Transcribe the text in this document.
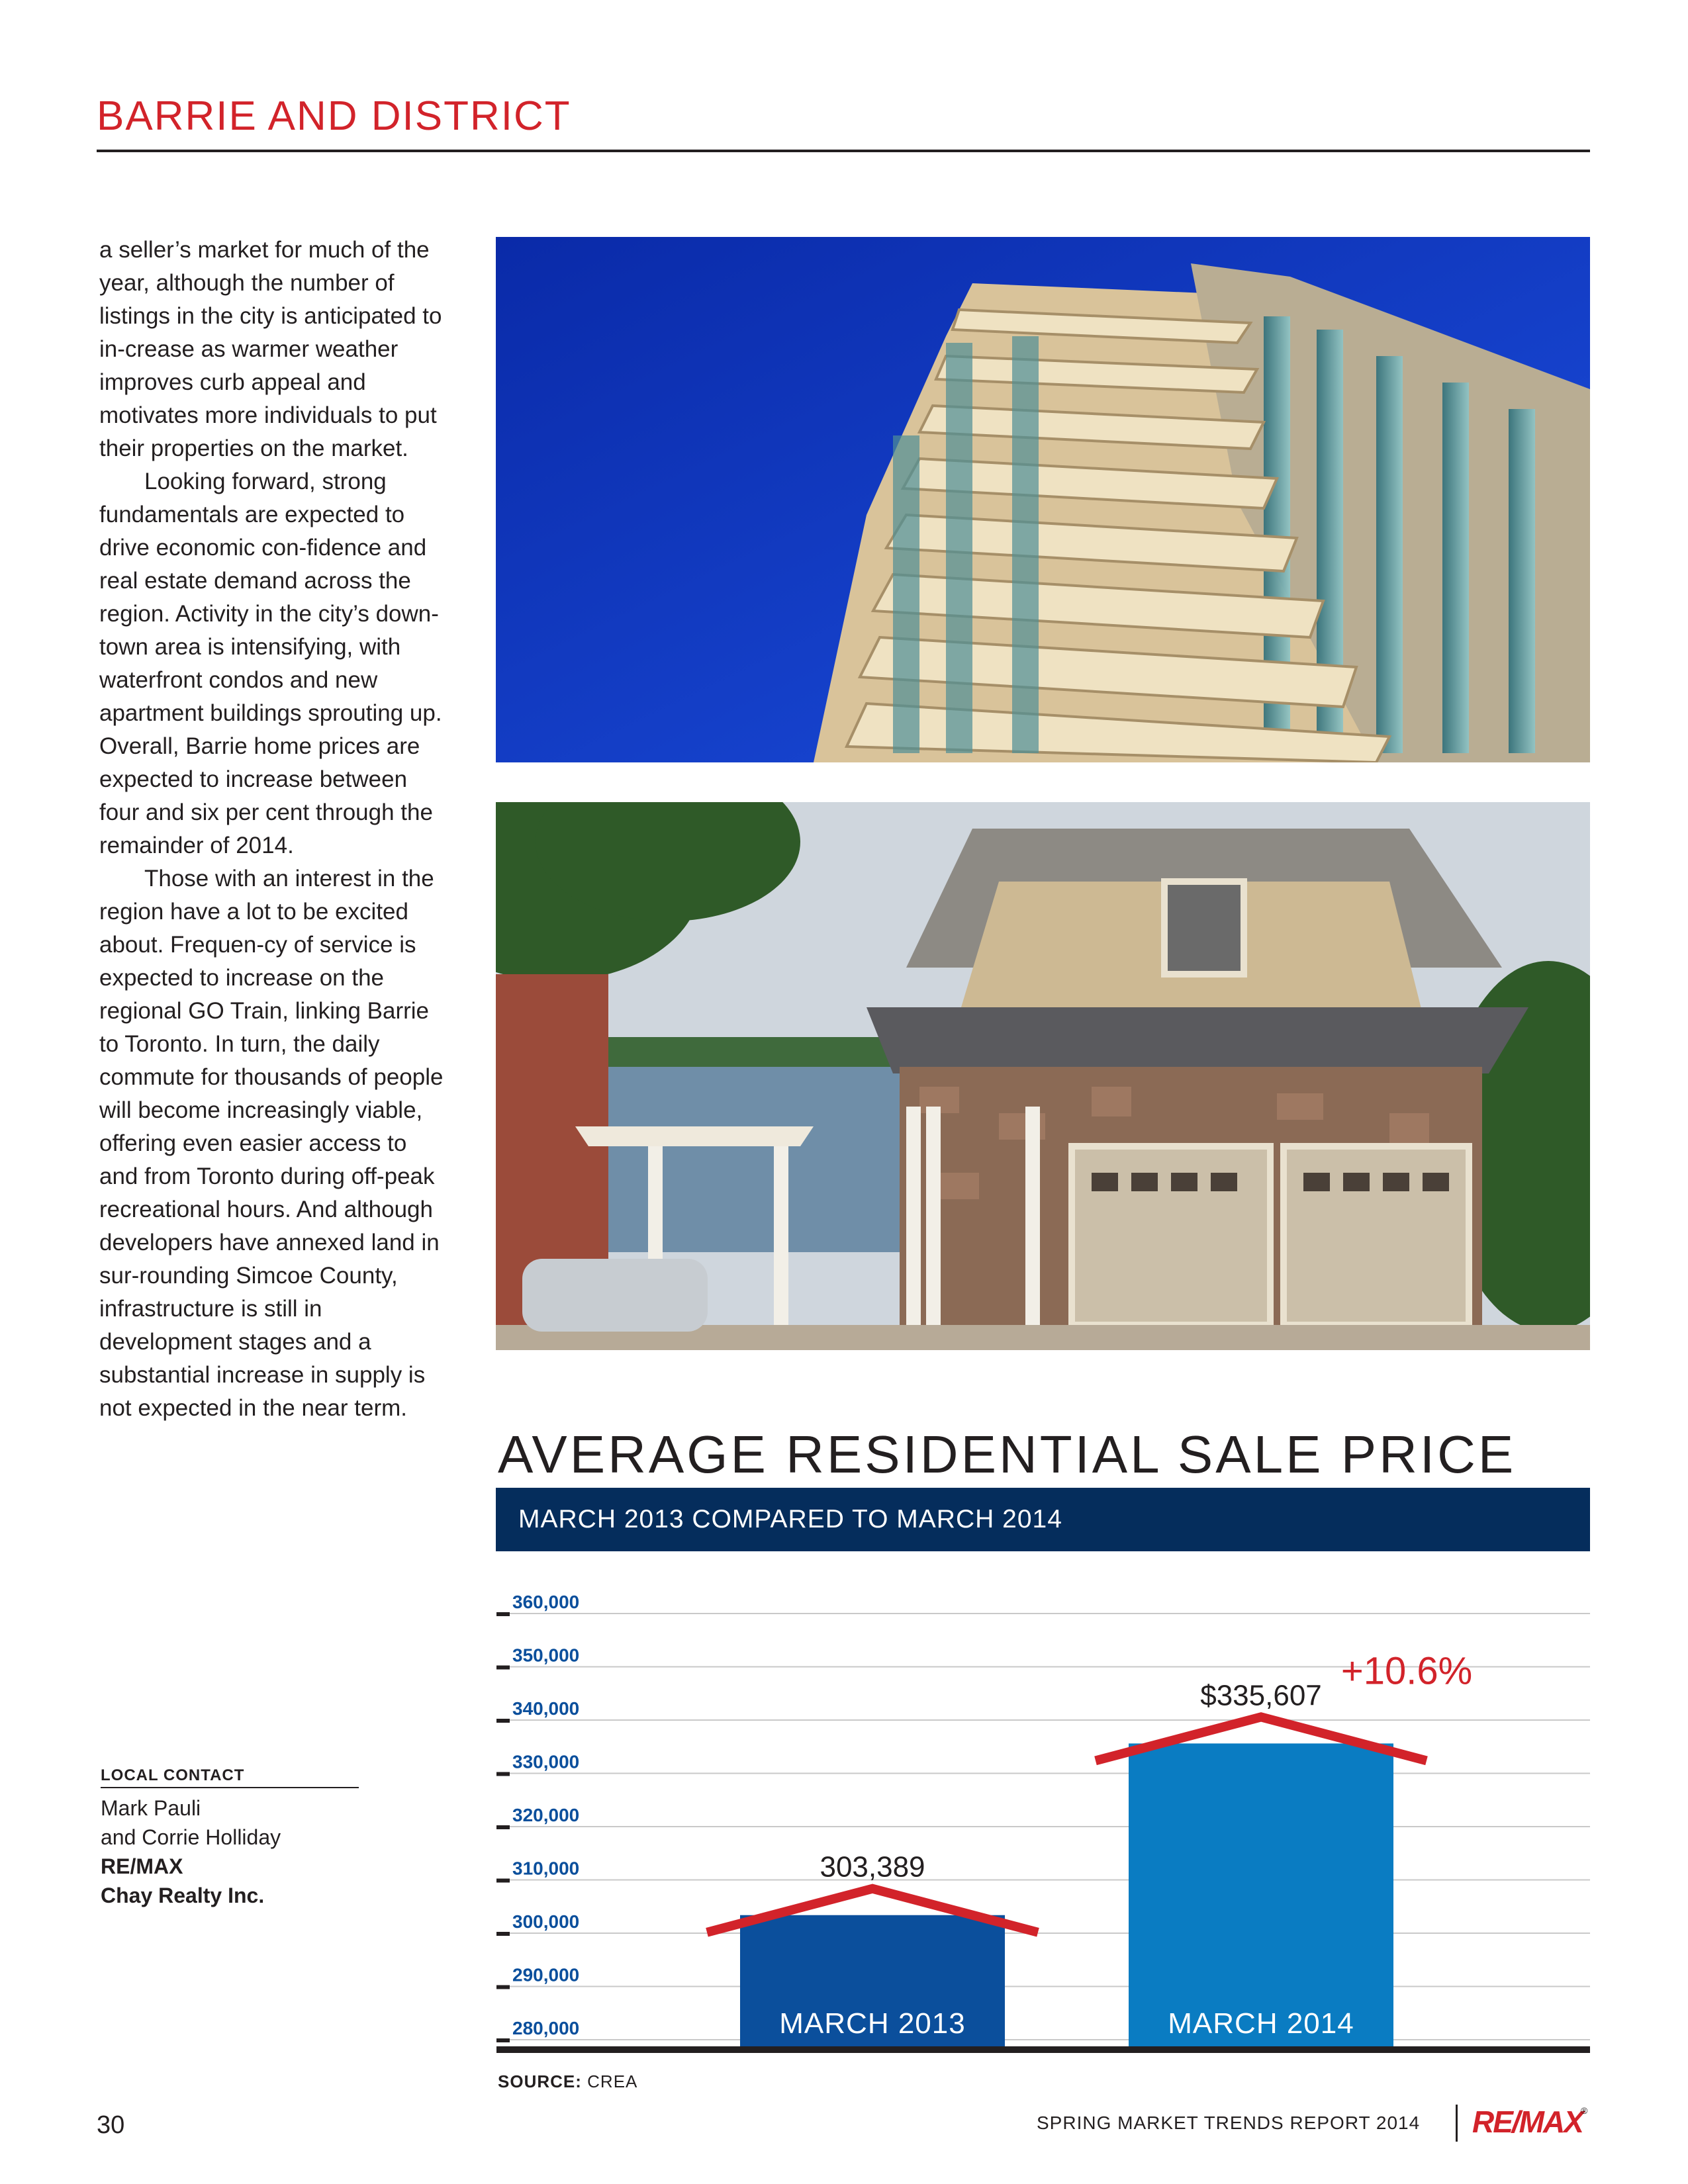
BARRIE AND DISTRICT

a seller’s market for much of the year, although the number of listings in the city is anticipated to in-crease as warmer weather improves curb appeal and motivates more individuals to put their properties on the market.

Looking forward, strong fundamentals are expected to drive economic con-fidence and real estate demand across the region. Activity in the city’s down-town area is intensifying, with waterfront condos and new apartment buildings sprouting up. Overall, Barrie home prices are expected to increase between four and six per cent through the remainder of 2014.

Those with an interest in the region have a lot to be excited about. Frequen-cy of service is expected to increase on the regional GO Train, linking Barrie to Toronto. In turn, the daily commute for thousands of people will become increasingly viable, offering even easier access to and from Toronto during off-peak recreational hours. And although developers have annexed land in sur-rounding Simcoe County, infrastructure is still in development stages and a substantial increase in supply is not expected in the near term.

LOCAL CONTACT
Mark Pauli
and Corrie Holliday
RE/MAX
Chay Realty Inc.
AVERAGE RESIDENTIAL SALE PRICE
MARCH 2013 COMPARED TO MARCH 2014
360,000
350,000
340,000
330,000
320,000
310,000
300,000
290,000
280,000
303,389
MARCH 2013
$335,607
MARCH 2014
+10.6%
SOURCE: CREA
30	SPRING MARKET TRENDS REPORT 2014 RE/MAX
®
